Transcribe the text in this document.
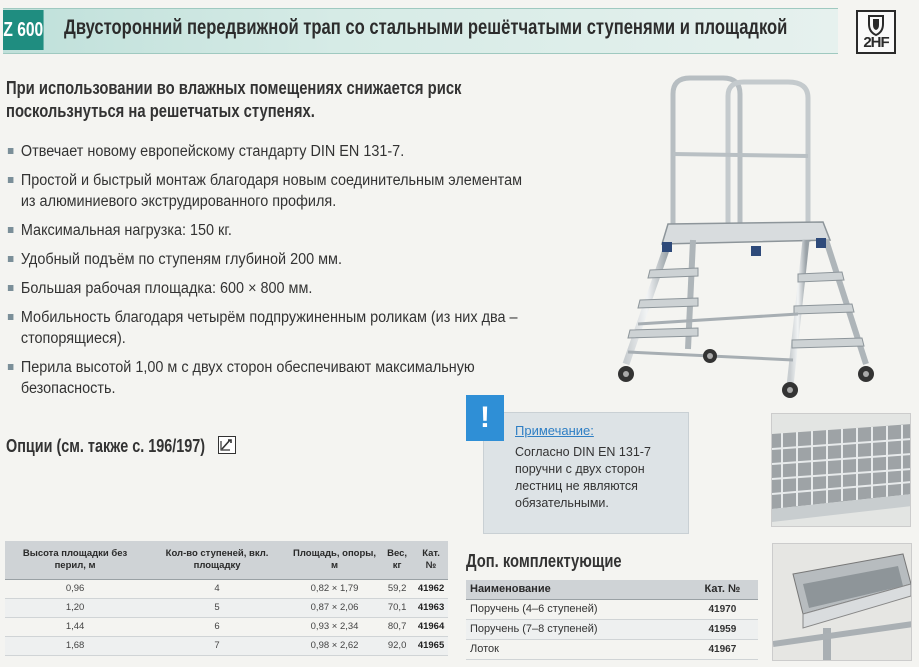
Z 600 Двусторонний передвижной трап со стальными решётчатыми ступенями и площадкой
2HF
При использовании во влажных помещениях снижается риск поскользнуться на решетчатых ступенях.
Отвечает новому европейскому стандарту DIN EN 131-7.
Простой и быстрый монтаж благодаря новым соединительным элементам из алюминиевого экструдированного профиля.
Максимальная нагрузка: 150 кг.
Удобный подъём по ступеням глубиной 200 мм.
Большая рабочая площадка: 600 × 800 мм.
Мобильность благодаря четырём подпружиненным роликам (из них два – стопорящиеся).
Перила высотой 1,00 м с двух сторон обеспечивают максимальную безопасность.
Опции (см. также с. 196/197)
!	Примечание:
Согласно DIN EN 131-7 поручни с двух сторон лестниц не являются обязательными.
Высота площадки без перил, м	Кол-во ступеней, вкл. площадку	Площадь, опоры, м	Вес, кг	Кат. №
0,96	4	0,82 × 1,79	59,2	41962
1,20	5	0,87 × 2,06	70,1	41963
1,44	6	0,93 × 2,34	80,7	41964
1,68	7	0,98 × 2,62	92,0	41965
Доп. комплектующие
Наименование	Кат. №
Поручень (4–6 ступеней)	41970
Поручень (7–8 ступеней)	41959
Лоток	41967
